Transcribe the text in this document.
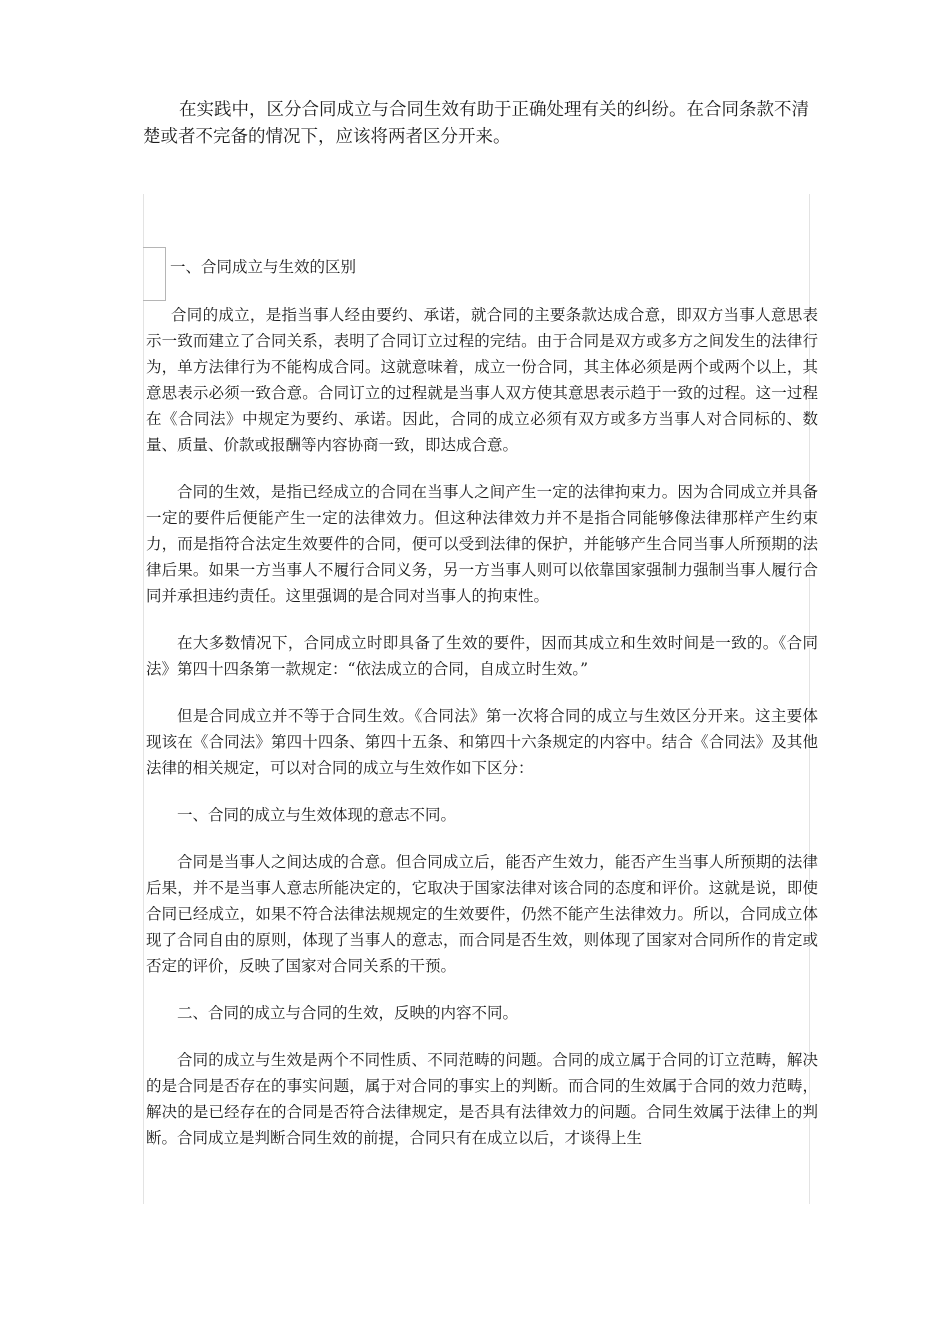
在实践中，区分合同成立与合同生效有助于正确处理有关的纠纷。在合同条款不清楚或者不完备的情况下，应该将两者区分开来。

一、合同成立与生效的区别

合同的成立，是指当事人经由要约、承诺，就合同的主要条款达成合意，即双方当事人意思表示一致而建立了合同关系，表明了合同订立过程的完结。由于合同是双方或多方之间发生的法律行为，单方法律行为不能构成合同。这就意味着，成立一份合同，其主体必须是两个或两个以上，其意思表示必须一致合意。合同订立的过程就是当事人双方使其意思表示趋于一致的过程。这一过程在《合同法》中规定为要约、承诺。因此，合同的成立必须有双方或多方当事人对合同标的、数量、质量、价款或报酬等内容协商一致，即达成合意。

合同的生效，是指已经成立的合同在当事人之间产生一定的法律拘束力。因为合同成立并具备一定的要件后便能产生一定的法律效力。但这种法律效力并不是指合同能够像法律那样产生约束力，而是指符合法定生效要件的合同，便可以受到法律的保护，并能够产生合同当事人所预期的法律后果。如果一方当事人不履行合同义务，另一方当事人则可以依靠国家强制力强制当事人履行合同并承担违约责任。这里强调的是合同对当事人的拘束性。

在大多数情况下，合同成立时即具备了生效的要件，因而其成立和生效时间是一致的。《合同法》第四十四条第一款规定：“依法成立的合同，自成立时生效。”

但是合同成立并不等于合同生效。《合同法》第一次将合同的成立与生效区分开来。这主要体现该在《合同法》第四十四条、第四十五条、和第四十六条规定的内容中。结合《合同法》及其他法律的相关规定，可以对合同的成立与生效作如下区分：

一、合同的成立与生效体现的意志不同。

合同是当事人之间达成的合意。但合同成立后，能否产生效力，能否产生当事人所预期的法律后果，并不是当事人意志所能决定的，它取决于国家法律对该合同的态度和评价。这就是说，即使合同已经成立，如果不符合法律法规规定的生效要件，仍然不能产生法律效力。所以，合同成立体现了合同自由的原则，体现了当事人的意志，而合同是否生效，则体现了国家对合同所作的肯定或否定的评价，反映了国家对合同关系的干预。

二、合同的成立与合同的生效，反映的内容不同。

合同的成立与生效是两个不同性质、不同范畴的问题。合同的成立属于合同的订立范畴，解决的是合同是否存在的事实问题，属于对合同的事实上的判断。而合同的生效属于合同的效力范畴，解决的是已经存在的合同是否符合法律规定，是否具有法律效力的问题。合同生效属于法律上的判断。合同成立是判断合同生效的前提，合同只有在成立以后，才谈得上生
